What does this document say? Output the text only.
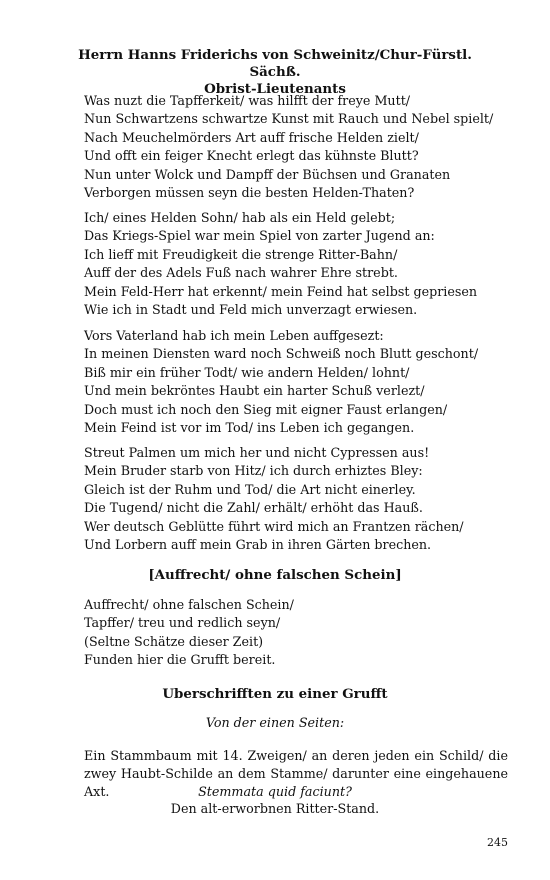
Herrn Hanns Friderichs von Schweinitz/Chur-Fürstl. Sächß.
Obrist-Lieutenants
Was nuzt die Tapfferkeit/ was hilfft der freye Mutt/
Nun Schwartzens schwartze Kunst mit Rauch und Nebel spielt/
Nach Meuchelmörders Art auff frische Helden zielt/
Und offt ein feiger Knecht erlegt das kühnste Blutt?
Nun unter Wolck und Dampff der Büchsen und Granaten
Verborgen müssen seyn die besten Helden-Thaten?
Ich/ eines Helden Sohn/ hab als ein Held gelebt;
Das Kriegs-Spiel war mein Spiel von zarter Jugend an:
Ich lieff mit Freudigkeit die strenge Ritter-Bahn/
Auff der des Adels Fuß nach wahrer Ehre strebt.
Mein Feld-Herr hat erkennt/ mein Feind hat selbst gepriesen
Wie ich in Stadt und Feld mich unverzagt erwiesen.
Vors Vaterland hab ich mein Leben auffgesezt:
In meinen Diensten ward noch Schweiß noch Blutt geschont/
Biß mir ein früher Todt/ wie andern Helden/ lohnt/
Und mein bekröntes Haubt ein harter Schuß verlezt/
Doch must ich noch den Sieg mit eigner Faust erlangen/
Mein Feind ist vor im Tod/ ins Leben ich gegangen.
Streut Palmen um mich her und nicht Cypressen aus!
Mein Bruder starb von Hitz/ ich durch erhiztes Bley:
Gleich ist der Ruhm und Tod/ die Art nicht einerley.
Die Tugend/ nicht die Zahl/ erhält/ erhöht das Hauß.
Wer deutsch Geblütte führt wird mich an Frantzen rächen/
Und Lorbern auff mein Grab in ihren Gärten brechen.
[Auffrecht/ ohne falschen Schein]
Auffrecht/ ohne falschen Schein/
Tapffer/ treu und redlich seyn/
(Seltne Schätze dieser Zeit)
Funden hier die Grufft bereit.
Uberschrifften zu einer Grufft
Von der einen Seiten:
Ein Stammbaum mit 14. Zweigen/ an deren jeden ein Schild/ die zwey Haubt-Schilde an dem Stamme/ darunter eine eingehauene Axt.	Stemmata quid faciunt?
Den alt-erworbnen Ritter-Stand.
245
